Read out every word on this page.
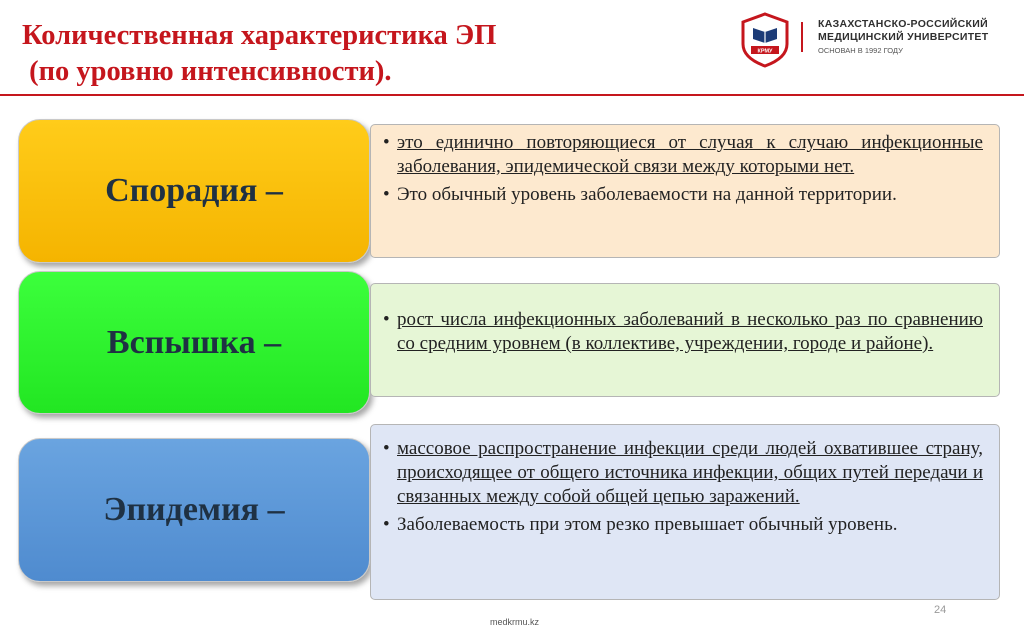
Количественная характеристика ЭП
(по уровню интенсивности).
КРМУ
КАЗАХСТАНСКО-РОССИЙСКИЙ
МЕДИЦИНСКИЙ УНИВЕРСИТЕТ
ОСНОВАН В 1992 ГОДУ
Спорадия –
• это единично повторяющиеся от случая к случаю инфекционные заболевания, эпидемической связи между которыми нет.
• Это обычный уровень заболеваемости на данной территории.
Вспышка –
• рост числа инфекционных заболеваний в несколько раз по сравнению со средним уровнем (в коллективе, учреждении, городе и районе).
Эпидемия –
• массовое распространение инфекции среди людей охватившее страну, происходящее от общего источника инфекции, общих путей передачи и связанных между собой общей цепью заражений.
• Заболеваемость при этом резко превышает обычный уровень.
24
medkrmu.kz
